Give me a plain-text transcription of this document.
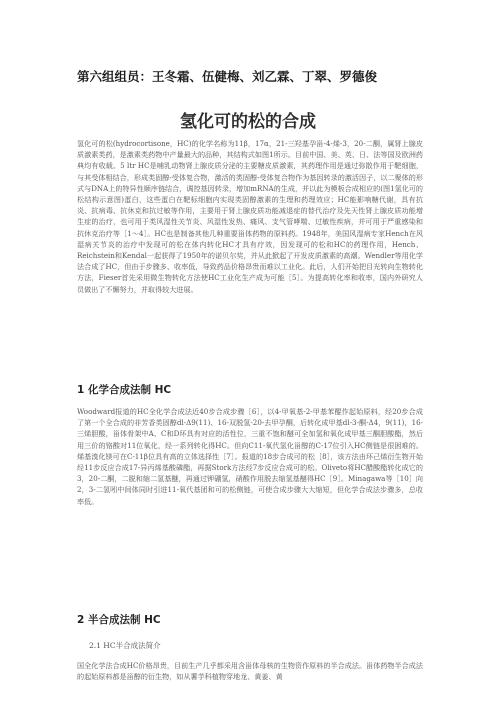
第六组组员：王冬霜、伍健梅、刘乙霖、丁翠、罗德俊
氢化可的松的合成

氢化可的松(hydrocortisone，HC)的化学名称为11β，17α，21-三羟基孕甾-4-烯-3，20-二酮，属肾上腺皮质激素类药，是激素类药物中产量最大的品种，其结构式如图1所示。目前中国、美、英、日、法等国及欧洲药典均有收载。5 ltr HC是哺乳动物肾上腺皮质分泌的主要糖皮质激素，其药理作用是通过弥散作用于靶细胞，与其受体相结合，形成类固醇-受体复合物，激活的类固醇-受体复合物作为基因转录的激活因子，以二聚体的形式与DNA上的特异性顺序链结合，调控基因转录，增加mRNA的生成，并以此为模板合成相应的(图1氢化可的松结构示意图)蛋白，这些蛋白在靶标细胞内实现类固醇激素的生理和药理效应；HC能影响糖代谢，具有抗炎、抗病毒、抗休克和抗过敏等作用，主要用于肾上腺皮质功能减退症的替代治疗及先天性肾上腺皮质功能增生症的治疗，也可用于类风湿性关节炎、风湿性发热、痛风、支气管哮喘、过敏性疾病，并可用于严重感染和抗休克治疗等［1～4］。HC也是制备其他几种重要甾体药物的原料药。1948年，美国风湿病专家Hench在风湿病关节炎的治疗中发现可的松在体内转化HC才具有疗效，因发现可的松和HC的药理作用，Hench、Reichstein和Kendal一起获得了1950年的诺贝尔奖，并从此掀起了开发皮质激素的高潮。Wendler等用化学法合成了HC，但由于步骤多、收率低，导致药品价格昂贵而难以工业化。此后，人们开始把目光转向生物转化方法，Fieser首先采用微生物转化方法使HC工业化生产成为可能［5］。为提高转化率和收率，国内外研究人员做出了不懈努力，并取得较大进展。

1 化学合成法制 HC

Woodward报道的HC全化学合成法近40步合成步骤［6］，以4-甲氧基-2-甲基苯醌作起始原料，经20步合成了第一个全合成的非芳香类固醇dl-Δ9(11)、16-双脱氢-20-去甲孕酮，后转化成甲基dl-3-酮-Δ4，9(11)，16-三烯胆酸，甾体骨架中A、C和D环具有对应的活性位，三重不饱和醚可全加氢和氧化成甲基三酮胆酸酯，然后用三价的铬酸对11位氧化，经一系列转化得HC。但向C11-氧代氢化甾醇的C-17位引入HC侧链是很困难的。烯基溴化镁可在C-11β位具有高的立体选择性［7］。报道的18步合成可的松［8］，该方法由环己烯衍生物开始经11步反应合成17-异丙烯基酸磷酯，再据Stork方法经7步反应合成可的松。Oliveto将HC醋酸酯转化成它的3，20-二酮，二脱和缩二氢基醚，再通过钾硼氢，硝酸作用脱去缩氢基醚得HC［9］。Minagawa等［10］向2，3-二氢吲中间体同时引进11-氧代基团和可的松侧链，可使合成步骤大大缩短，但化学合成法步骤多，总收率低。

2 半合成法制 HC
2.1 HC半合成法简介

国全化学法合成HC价格昂贵，目前生产几乎都采用含甾体母核的生物资作原料的半合成法。甾体药物半合成法的起始原料都是甾醇的衍生物，如从薯芋科植物穿地龙、黄姜、黄
